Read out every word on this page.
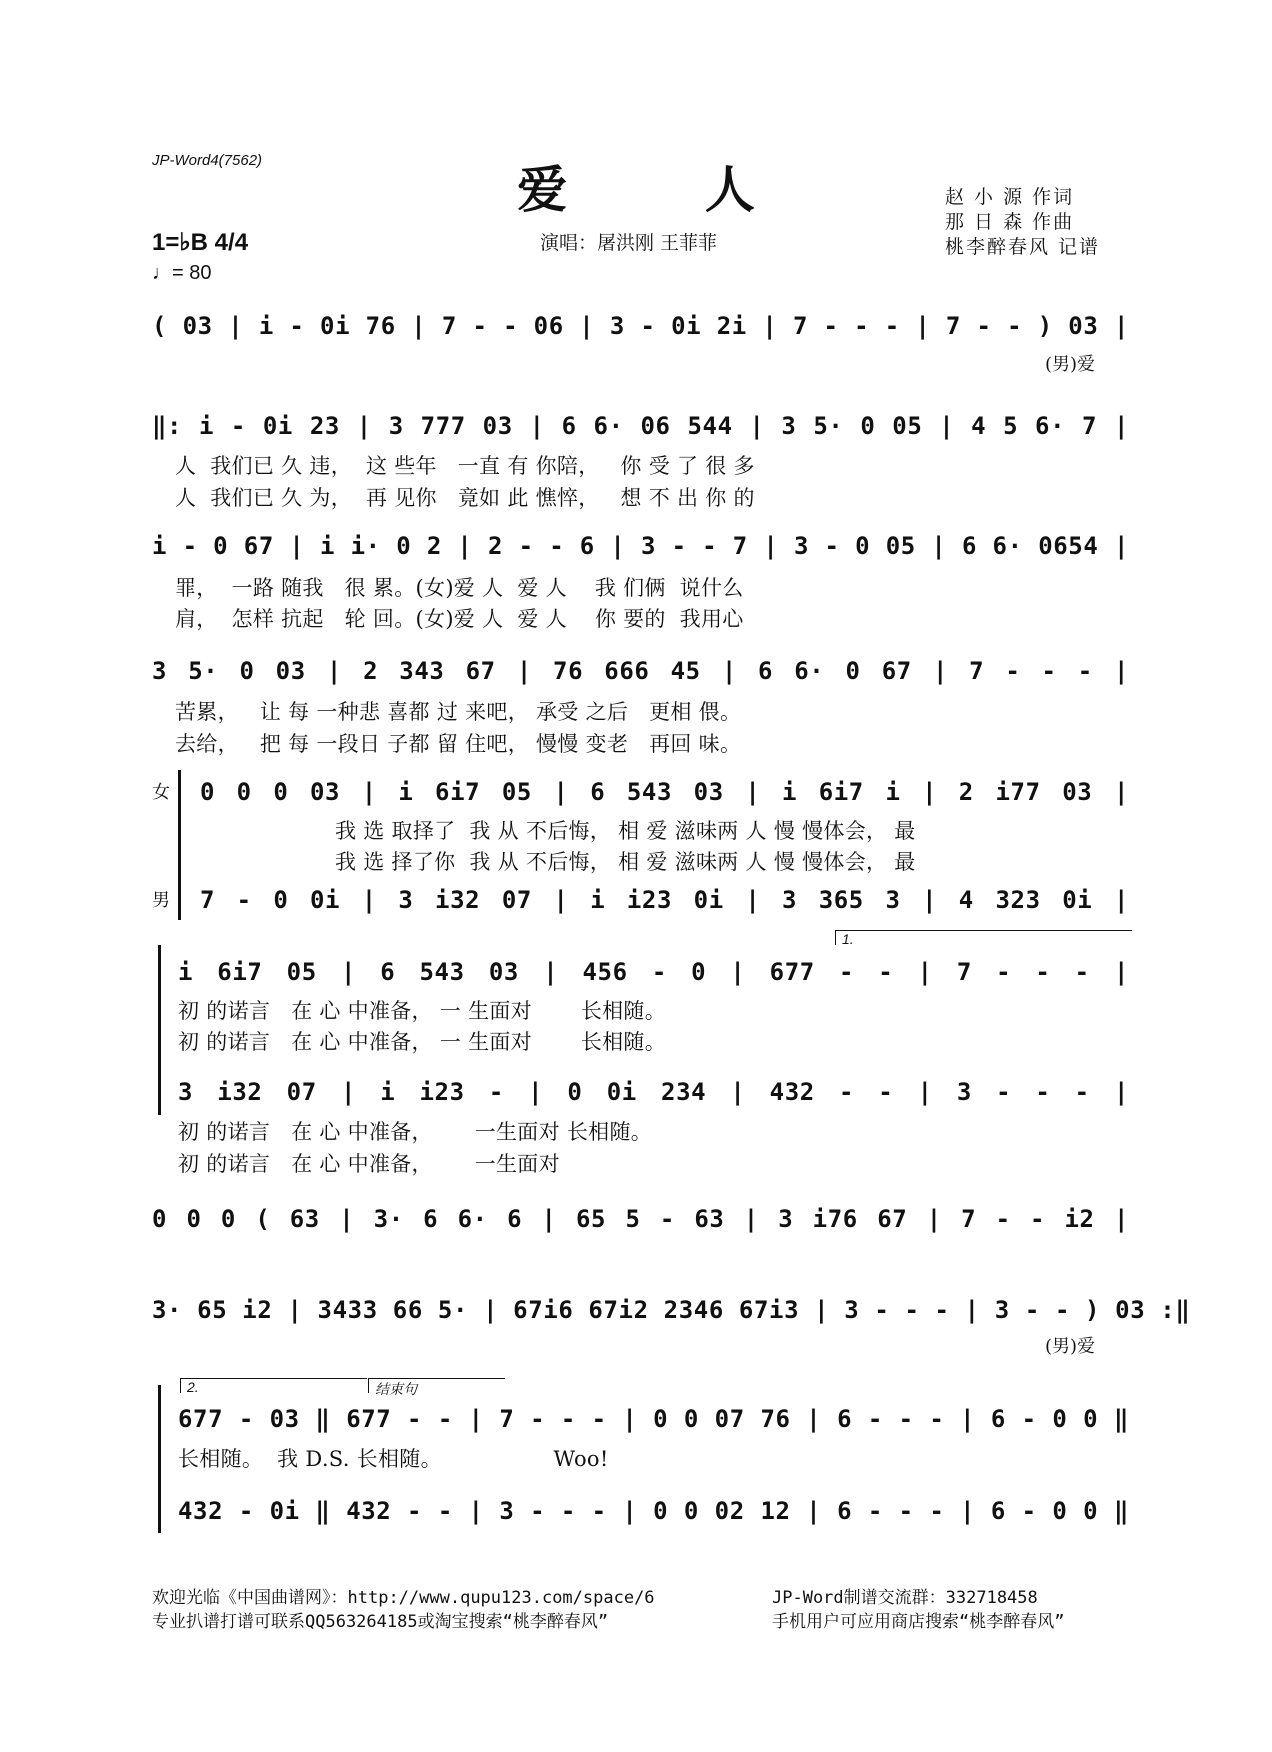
JP-Word4(7562)	爱 人
演唱：屠洪刚 王菲菲
赵 小 源 作词
那 日 森 作曲
桃李醉春风 记谱
1=♭B 4/4
♩= 80
( 03 | i - 0i 76 | 7 - - 06 | 3 - 0i 2i | 7 - - - | 7 - - ) 03 |
(男)爱
‖: i - 0i 23 | 3 777 03 | 6 6· 06 544 | 3 5· 0 05 | 4 5 6· 7 |
人  我们已 久 违，  这 些年   一直 有 你陪，   你 受 了 很 多
人  我们已 久 为，  再 见你   竟如 此 憔悴，   想 不 出 你 的
i - 0 67 | i i· 0 2 | 2 - - 6 | 3 - - 7 | 3 - 0 05 | 6 6· 0654 |
罪，  一路 随我   很 累。(女)爱 人  爱 人    我 们俩  说什么
肩，  怎样 抗起   轮 回。(女)爱 人  爱 人    你 要的  我用心
3 5· 0 03 | 2 343 67 | 76 666 45 | 6 6· 0 67 | 7 - - - |
苦累，   让 每 一种悲 喜都 过 来吧， 承受 之后   更相 偎。
去给，   把 每 一段日 子都 留 住吧， 慢慢 变老   再回 味。
女 0 0 0 03 | i 6i7 05 | 6 543 03 | i 6i7 i | 2 i77 03 |
我 选 取择了  我 从 不后悔， 相 爱 滋味两 人 慢 慢体会， 最
我 选 择了你  我 从 不后悔， 相 爱 滋味两 人 慢 慢体会， 最
男 7 - 0 0i | 3 i32 07 | i i23 0i | 3 365 3 | 4 323 0i |
1.
i 6i7 05 | 6 543 03 | 456 - 0 | 677 - - | 7 - - - |
初 的诺言   在 心 中准备， 一 生面对       长相随。
初 的诺言   在 心 中准备， 一 生面对       长相随。
3 i32 07 | i i23 - | 0 0i 234 | 432 - - | 3 - - - |
初 的诺言   在 心 中准备，      一生面对 长相随。
初 的诺言   在 心 中准备，      一生面对
0 0 0 ( 63 | 3· 6 6· 6 | 65 5 - 63 | 3 i76 67 | 7 - - i2 |
3· 65 i2 | 3433 66 5· | 67i6 67i2 2346 67i3 | 3 - - - | 3 - - ) 03 :‖
(男)爱
2.	结束句
677 - 03 ‖ 677 - - | 7 - - - | 0 0 07 76 | 6 - - - | 6 - 0 0 ‖
长相随。  我 D.S. 长相随。                Woo!
432 - 0i ‖ 432 - - | 3 - - - | 0 0 02 12 | 6 - - - | 6 - 0 0 ‖
欢迎光临《中国曲谱网》：http://www.qupu123.com/space/6
专业扒谱打谱可联系QQ563264185或淘宝搜索“桃李醉春风”
JP-Word制谱交流群：332718458
手机用户可应用商店搜索“桃李醉春风”
